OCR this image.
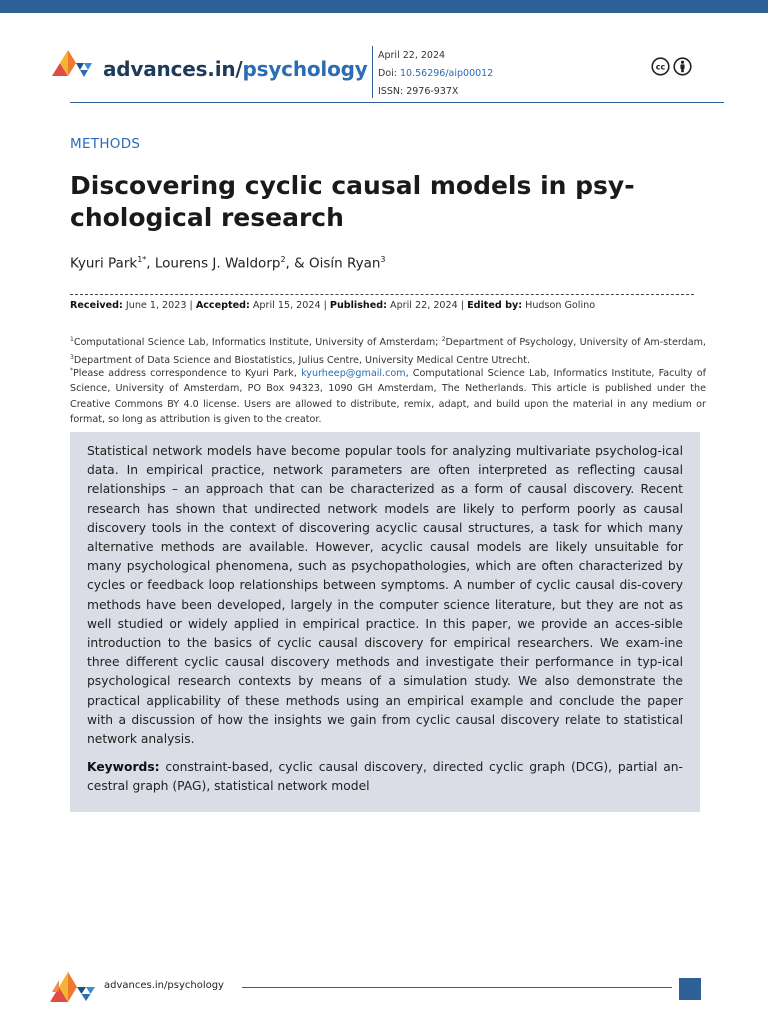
advances.in/psychology
April 22, 2024
Doi: 10.56296/aip00012
ISSN: 2976-937X
cc
METHODS
Discovering cyclic causal models in psy-chological research
Kyuri Park$^{1*}$, Lourens J. Waldorp$^2$, & Oisín Ryan$^3$
Received: June 1, 2023 | Accepted: April 15, 2024 | Published: April 22, 2024 | Edited by: Hudson Golino
$^1$Computational Science Lab, Informatics Institute, University of Amsterdam; $^2$Department of Psychology, University of Am-sterdam, $^3$Department of Data Science and Biostatistics, Julius Centre, University Medical Centre Utrecht.
*Please address correspondence to Kyuri Park, kyurheep@gmail.com, Computational Science Lab, Informatics Institute, Faculty of Science, University of Amsterdam, PO Box 94323, 1090 GH Amsterdam, The Netherlands. This article is published under the Creative Commons BY 4.0 license. Users are allowed to distribute, remix, adapt, and build upon the material in any medium or format, so long as attribution is given to the creator.

Statistical network models have become popular tools for analyzing multivariate psycholog-ical data. In empirical practice, network parameters are often interpreted as reflecting causal relationships – an approach that can be characterized as a form of causal discovery. Recent research has shown that undirected network models are likely to perform poorly as causal discovery tools in the context of discovering acyclic causal structures, a task for which many alternative methods are available. However, acyclic causal models are likely unsuitable for many psychological phenomena, such as psychopathologies, which are often characterized by cycles or feedback loop relationships between symptoms. A number of cyclic causal dis-covery methods have been developed, largely in the computer science literature, but they are not as well studied or widely applied in empirical practice. In this paper, we provide an acces-sible introduction to the basics of cyclic causal discovery for empirical researchers. We exam-ine three different cyclic causal discovery methods and investigate their performance in typ-ical psychological research contexts by means of a simulation study. We also demonstrate the practical applicability of these methods using an empirical example and conclude the paper with a discussion of how the insights we gain from cyclic causal discovery relate to statistical network analysis.

Keywords: constraint-based, cyclic causal discovery, directed cyclic graph (DCG), partial an-cestral graph (PAG), statistical network model

advances.in/psychology
